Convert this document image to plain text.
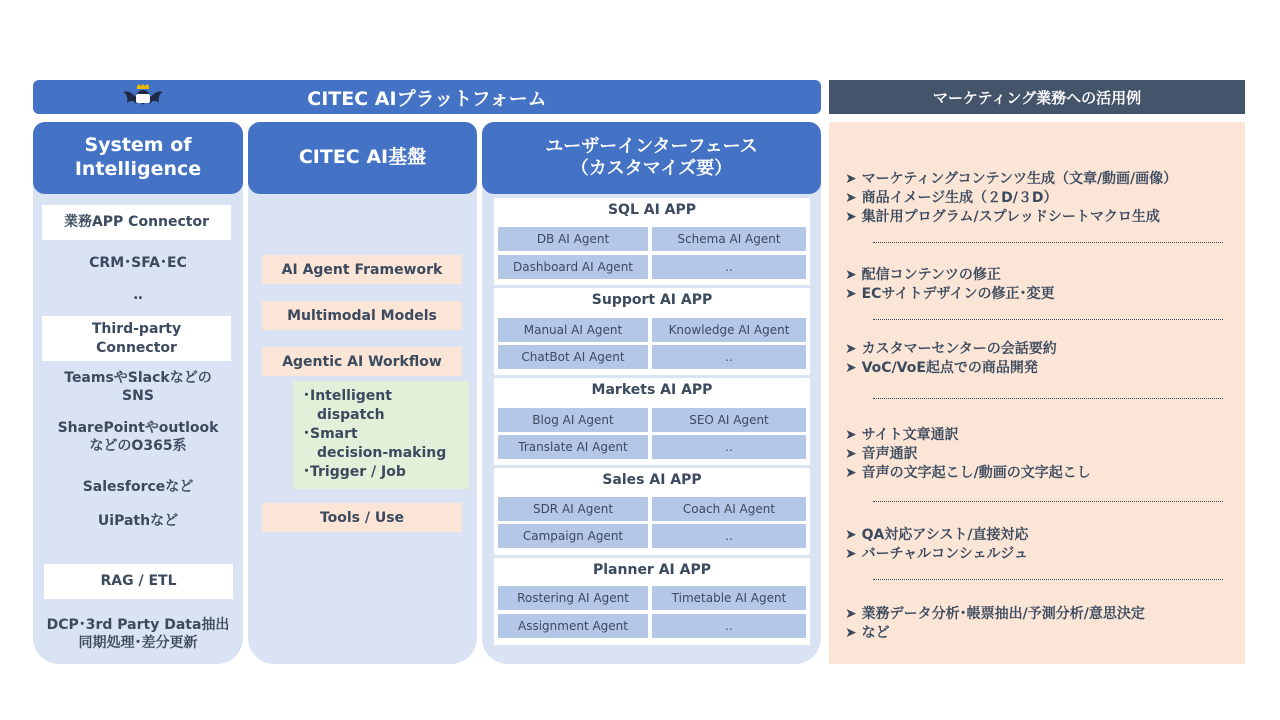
CITEC AIプラットフォーム	マーケティング業務への活用例
System of
Intelligence
業務APP Connector
CRM･SFA･EC
‥
Third-party
Connector
TeamsやSlackなどの
SNS
SharePointやoutlook
などのO365系
Salesforceなど
UiPathなど
RAG / ETL
DCP･3rd Party Data抽出
同期処理･差分更新
CITEC AI基盤
AI Agent Framework
Multimodal Models
Agentic AI Workflow
･Intelligent
dispatch
･Smart
decision-making
･Trigger / Job
Tools / Use
ユーザーインターフェース
（カスタマイズ要）
SQL AI APP
DB AI Agent	Schema AI Agent
Dashboard AI Agent	‥
Support AI APP
Manual AI Agent	Knowledge AI Agent
ChatBot AI Agent	‥
Markets AI APP
Blog AI Agent	SEO AI Agent
Translate AI Agent	‥
Sales AI APP
SDR AI Agent	Coach AI Agent
Campaign Agent	‥
Planner AI APP
Rostering AI Agent	Timetable AI Agent
Assignment Agent	‥
➤ マーケティングコンテンツ生成（文章/動画/画像）
➤ 商品イメージ生成（２D/３D）
➤ 集計用プログラム/スプレッドシートマクロ生成
➤ 配信コンテンツの修正
➤ ECサイトデザインの修正･変更
➤ カスタマーセンターの会話要約
➤ VoC/VoE起点での商品開発
➤ サイト文章通訳
➤ 音声通訳
➤ 音声の文字起こし/動画の文字起こし
➤ QA対応アシスト/直接対応
➤ バーチャルコンシェルジュ
➤ 業務データ分析･帳票抽出/予測分析/意思決定
➤ など
